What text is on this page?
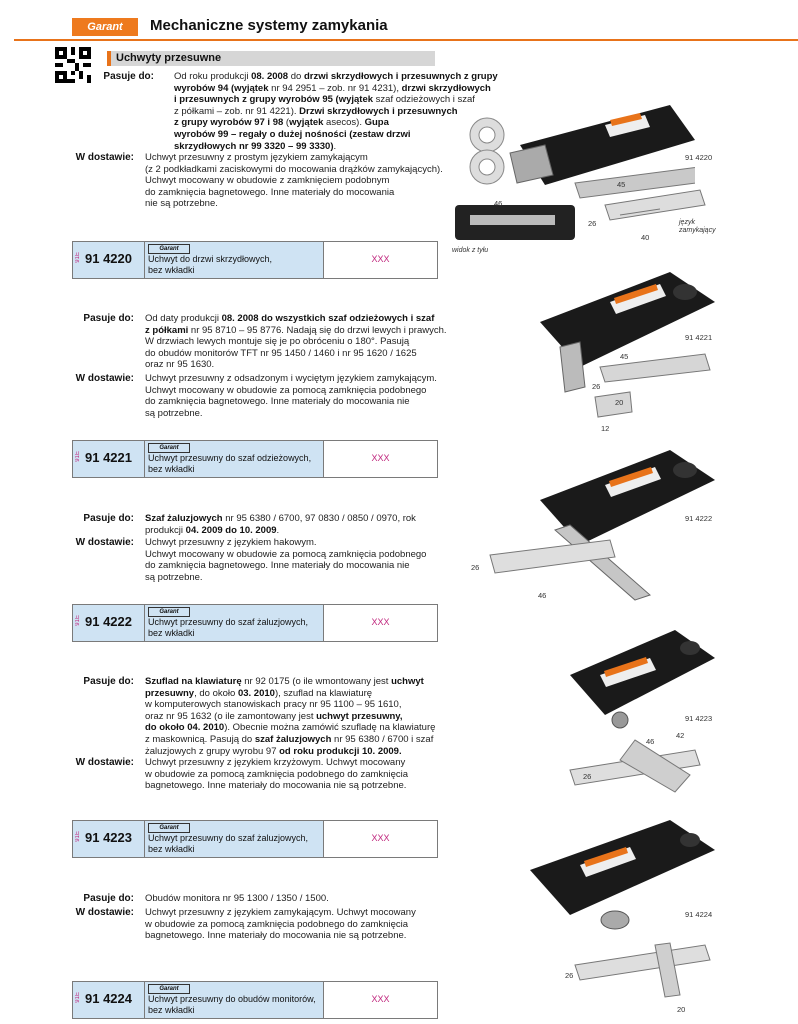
Garant	Mechaniczne systemy zamykania
Uchwyty przesuwne
Pasuje do: Od roku produkcji 08. 2008 do drzwi skrzydłowych i przesuwnych z grupy
wyrobów 94 (wyjątek nr 94 2951 – zob. nr 91 4231), drzwi skrzydłowych
i przesuwnych z grupy wyrobów 95 (wyjątek szaf odzieżowych i szaf
z półkami – zob. nr 91 4221). Drzwi skrzydłowych i przesuwnych
z grupy wyrobów 97 i 98 (wyjątek asecos). Gupa
wyrobów 99 – regały o dużej nośności (zestaw drzwi
skrzydłowych nr 99 3320 – 99 3330).
W dostawie: Uchwyt przesuwny z prostym językiem zamykającym
(z 2 podkładkami zaciskowymi do mocowania drążków zamykających).
Uchwyt mocowany w obudowie z zamknięciem podobnym
do zamknięcia bagnetowego. Inne materiały do mocowania
nie są potrzebne.
91E 91 4220
Garant
Uchwyt do drzwi skrzydłowych,
bez wkładki
XXX
91 4220
45
26
40
46
język
zamykający
widok z tyłu
Pasuje do: Od daty produkcji 08. 2008 do wszystkich szaf odzieżowych i szaf
z półkami nr 95 8710 – 95 8776. Nadają się do drzwi lewych i prawych.
W drzwiach lewych montuje się je po obróceniu o 180°. Pasują
do obudów monitorów TFT nr 95 1450 / 1460 i nr 95 1620 / 1625
oraz nr 95 1630.
W dostawie: Uchwyt przesuwny z odsadzonym i wyciętym językiem zamykającym.
Uchwyt mocowany w obudowie za pomocą zamknięcia podobnego
do zamknięcia bagnetowego. Inne materiały do mocowania nie
są potrzebne.
91E 91 4221
Garant
Uchwyt przesuwny do szaf odzieżowych,
bez wkładki
XXX
91 4221
45
26
20
12
Pasuje do: Szaf żaluzjowych nr 95 6380 / 6700, 97 0830 / 0850 / 0970, rok
produkcji 04. 2009 do 10. 2009.
W dostawie: Uchwyt przesuwny z językiem hakowym.
Uchwyt mocowany w obudowie za pomocą zamknięcia podobnego
do zamknięcia bagnetowego. Inne materiały do mocowania nie
są potrzebne.
91E 91 4222
Garant
Uchwyt przesuwny do szaf żaluzjowych,
bez wkładki
XXX
91 4222
26
46
Pasuje do: Szuflad na klawiaturę nr 92 0175 (o ile wmontowany jest uchwyt
przesuwny, do około 03. 2010), szuflad na klawiaturę
w komputerowych stanowiskach pracy nr 95 1100 – 95 1610,
oraz nr 95 1632 (o ile zamontowany jest uchwyt przesuwny,
do około 04. 2010). Obecnie można zamówić szufladę na klawiaturę
z maskownicą. Pasują do szaf żaluzjowych nr 95 6380 / 6700 i szaf
żaluzjowych z grupy wyrobu 97 od roku produkcji 10. 2009.
W dostawie: Uchwyt przesuwny z językiem krzyżowym. Uchwyt mocowany
w obudowie za pomocą zamknięcia podobnego do zamknięcia
bagnetowego. Inne materiały do mocowania nie są potrzebne.
91E 91 4223
Garant
Uchwyt przesuwny do szaf żaluzjowych,
bez wkładki
XXX
91 4223
46
42
26
Pasuje do: Obudów monitora nr 95 1300 / 1350 / 1500.
W dostawie: Uchwyt przesuwny z językiem zamykającym. Uchwyt mocowany
w obudowie za pomocą zamknięcia podobnego do zamknięcia
bagnetowego. Inne materiały do mocowania nie są potrzebne.
91E 91 4224
Garant
Uchwyt przesuwny do obudów monitorów,
bez wkładki
XXX
91 4224
26
20
